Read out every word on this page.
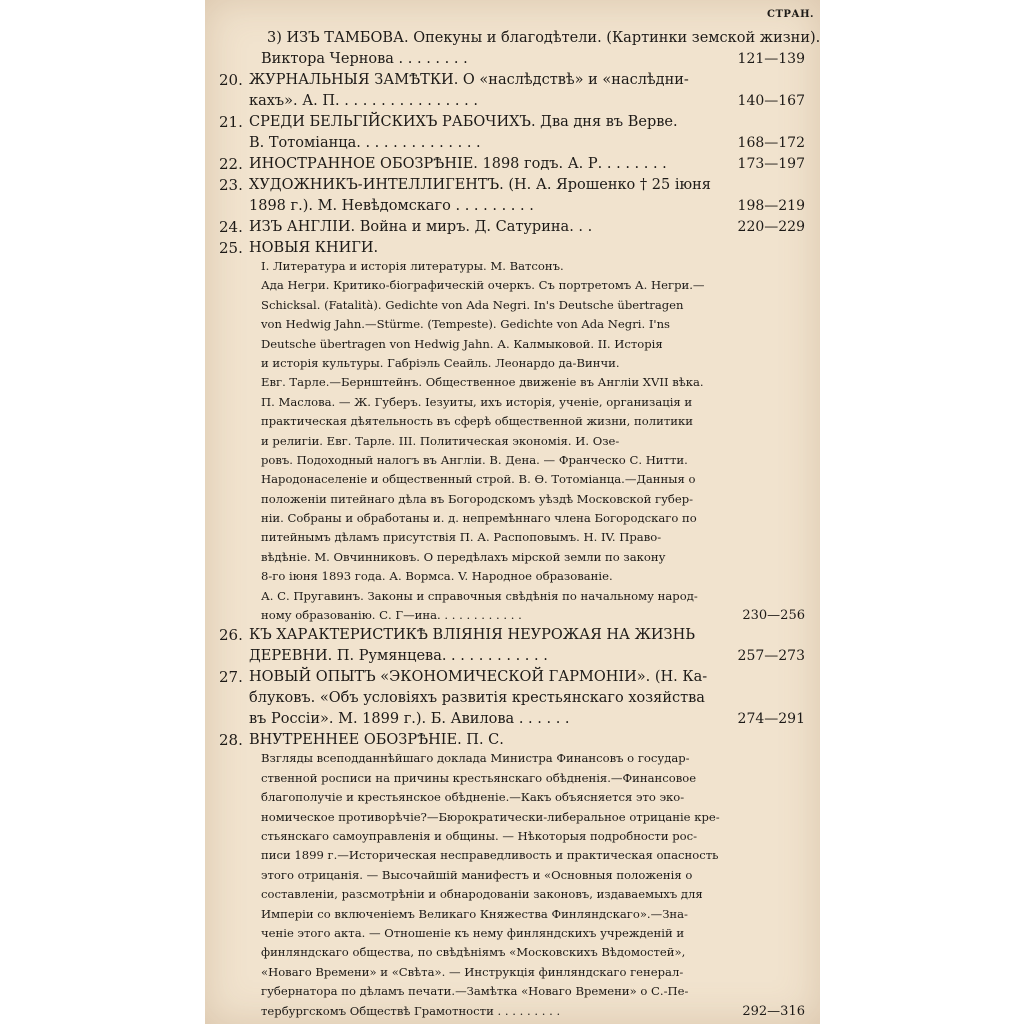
СТРАН.
3) ИЗЪ ТАМБОВА. Опекуны и благодѣтели. (Картинки земской жизни).
Виктора Чернова . . . . . . . .	121—139
20. ЖУРНАЛЬНЫЯ ЗАМѢТКИ. О «наслѣдствѣ» и «наслѣдни-
кахъ». А. П. . . . . . . . . . . . . . . .	140—167
21. СРЕДИ БЕЛЬГІЙСКИХЪ РАБОЧИХЪ. Два дня въ Верве.
В. Тотоміанца. . . . . . . . . . . . . .	168—172
22. ИНОСТРАННОЕ ОБОЗРѢНІЕ. 1898 годъ. А. Р. . . . . . . .	173—197
23. ХУДОЖНИКЪ-ИНТЕЛЛИГЕНТЪ. (Н. А. Ярошенко † 25 іюня
1898 г.). М. Невѣдомскаго . . . . . . . . .	198—219
24. ИЗЪ АНГЛІИ. Война и миръ. Д. Сатурина. . .	220—229
25. НОВЫЯ КНИГИ.
I. Литература и исторія литературы. М. Ватсонъ.
Ада Негри. Критико-біографическій очеркъ. Съ портретомъ А. Негри.—
Schicksal. (Fatalità). Gedichte von Ada Negri. In's Deutsche übertragen
von Hedwig Jahn.—Stürme. (Tempeste). Gedichte von Ada Negri. I'ns
Deutsche übertragen von Hedwig Jahn. А. Калмыковой. II. Исторія
и исторія культуры. Габріэль Сеайль. Леонардо да-Винчи.
Евг. Тарле.—Бернштейнъ. Общественное движеніе въ Англіи XVII вѣка.
П. Маслова. — Ж. Губеръ. Іезуиты, ихъ исторія, ученіе, организація и
практическая дѣятельность въ сферѣ общественной жизни, политики
и религіи. Евг. Тарле. III. Политическая экономія. И. Озе-
ровъ. Подоходный налогъ въ Англіи. В. Дена. — Франческо С. Нитти.
Народонаселеніе и общественный строй. В. Ѳ. Тотоміанца.—Данныя о
положеніи питейнаго дѣла въ Богородскомъ уѣздѣ Московской губер-
ніи. Собраны и обработаны и. д. непремѣннаго члена Богородскаго по
питейнымъ дѣламъ присутствія П. А. Распоповымъ. Н. IV. Право-
вѣдѣніе. М. Овчинниковъ. О передѣлахъ мірской земли по закону
8-го іюня 1893 года. А. Вормса. V. Народное образованіе.
А. С. Пругавинъ. Законы и справочныя свѣдѣнія по начальному народ-
ному образованію. С. Г—ина. . . . . . . . . . . .	230—256
26. КЪ ХАРАКТЕРИСТИКѢ ВЛІЯНІЯ НЕУРОЖАЯ НА ЖИЗНЬ
ДЕРЕВНИ. П. Румянцева. . . . . . . . . . . .	257—273
27. НОВЫЙ ОПЫТЪ «ЭКОНОМИЧЕСКОЙ ГАРМОНІИ». (Н. Ка-
блуковъ. «Объ условіяхъ развитія крестьянскаго хозяйства
въ Россіи». М. 1899 г.). Б. Авилова . . . . . .	274—291
28. ВНУТРЕННЕЕ ОБОЗРѢНІЕ. П. С.
Взгляды всеподданнѣйшаго доклада Министра Финансовъ о государ-
ственной росписи на причины крестьянскаго обѣдненія.—Финансовое
благополучіе и крестьянское обѣдненіе.—Какъ объясняется это эко-
номическое противорѣчіе?—Бюрократически-либеральное отрицаніе кре-
стьянскаго самоуправленія и общины. — Нѣкоторыя подробности рос-
писи 1899 г.—Историческая несправедливость и практическая опасность
этого отрицанія. — Высочайшій манифестъ и «Основныя положенія о
составленіи, разсмотрѣніи и обнародованіи законовъ, издаваемыхъ для
Имперіи со включеніемъ Великаго Княжества Финляндскаго».—Зна-
ченіе этого акта. — Отношеніе къ нему финляндскихъ учрежденій и
финляндскаго общества, по свѣдѣніямъ «Московскихъ Вѣдомостей»,
«Новаго Времени» и «Свѣта». — Инструкція финляндскаго генерал-
губернатора по дѣламъ печати.—Замѣтка «Новаго Времени» о С.-Пе-
тербургскомъ Обществѣ Грамотности . . . . . . . . .	292—316
